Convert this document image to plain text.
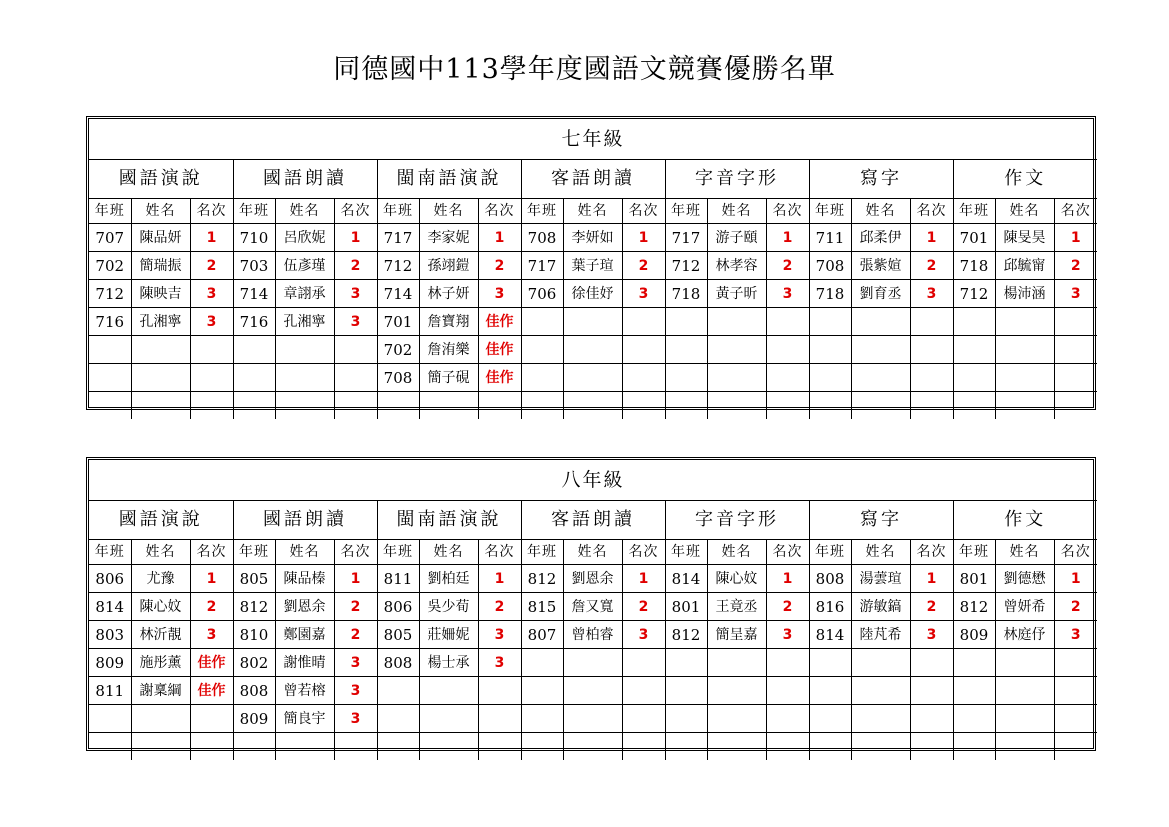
同德國中113學年度國語文競賽優勝名單
七年級																				
國語演說			國語朗讀			閩南語演說			客語朗讀			字音字形			寫字			作文		
年班	姓名	名次	年班	姓名	名次	年班	姓名	名次	年班	姓名	名次	年班	姓名	名次	年班	姓名	名次	年班	姓名	名次
707	陳品妍	1	710	呂欣妮	1	717	李家妮	1	708	李妍如	1	717	游子頤	1	711	邱柔伊	1	701	陳旻昊	1
702	簡瑞振	2	703	伍彥瑾	2	712	孫翊鎧	2	717	葉子瑄	2	712	林孝容	2	708	張紫媗	2	718	邱毓甯	2
712	陳映吉	3	714	章詡承	3	714	林子妍	3	706	徐佳妤	3	718	黃子昕	3	718	劉育丞	3	712	楊沛涵	3
716	孔湘寧	3	716	孔湘寧	3	701	詹寶翔	佳作												
						702	詹洧樂	佳作												
						708	簡子硯	佳作												

八年級																				
國語演說			國語朗讀			閩南語演說			客語朗讀			字音字形			寫字			作文		
年班	姓名	名次	年班	姓名	名次	年班	姓名	名次	年班	姓名	名次	年班	姓名	名次	年班	姓名	名次	年班	姓名	名次
806	尤豫	1	805	陳品榛	1	811	劉柏廷	1	812	劉恩余	1	814	陳心妏	1	808	湯蕓瑄	1	801	劉德懋	1
814	陳心妏	2	812	劉恩余	2	806	吳少荀	2	815	詹又寬	2	801	王竟丞	2	816	游敏鎬	2	812	曾妍希	2
803	林沂靚	3	810	鄭園嘉	2	805	莊姍妮	3	807	曾柏睿	3	812	簡呈嘉	3	814	陸芃希	3	809	林庭伃	3
809	施彤薰	佳作	802	謝惟晴	3	808	楊士承	3												
811	謝稟綱	佳作	808	曾若榕	3															
			809	簡良宇	3															
